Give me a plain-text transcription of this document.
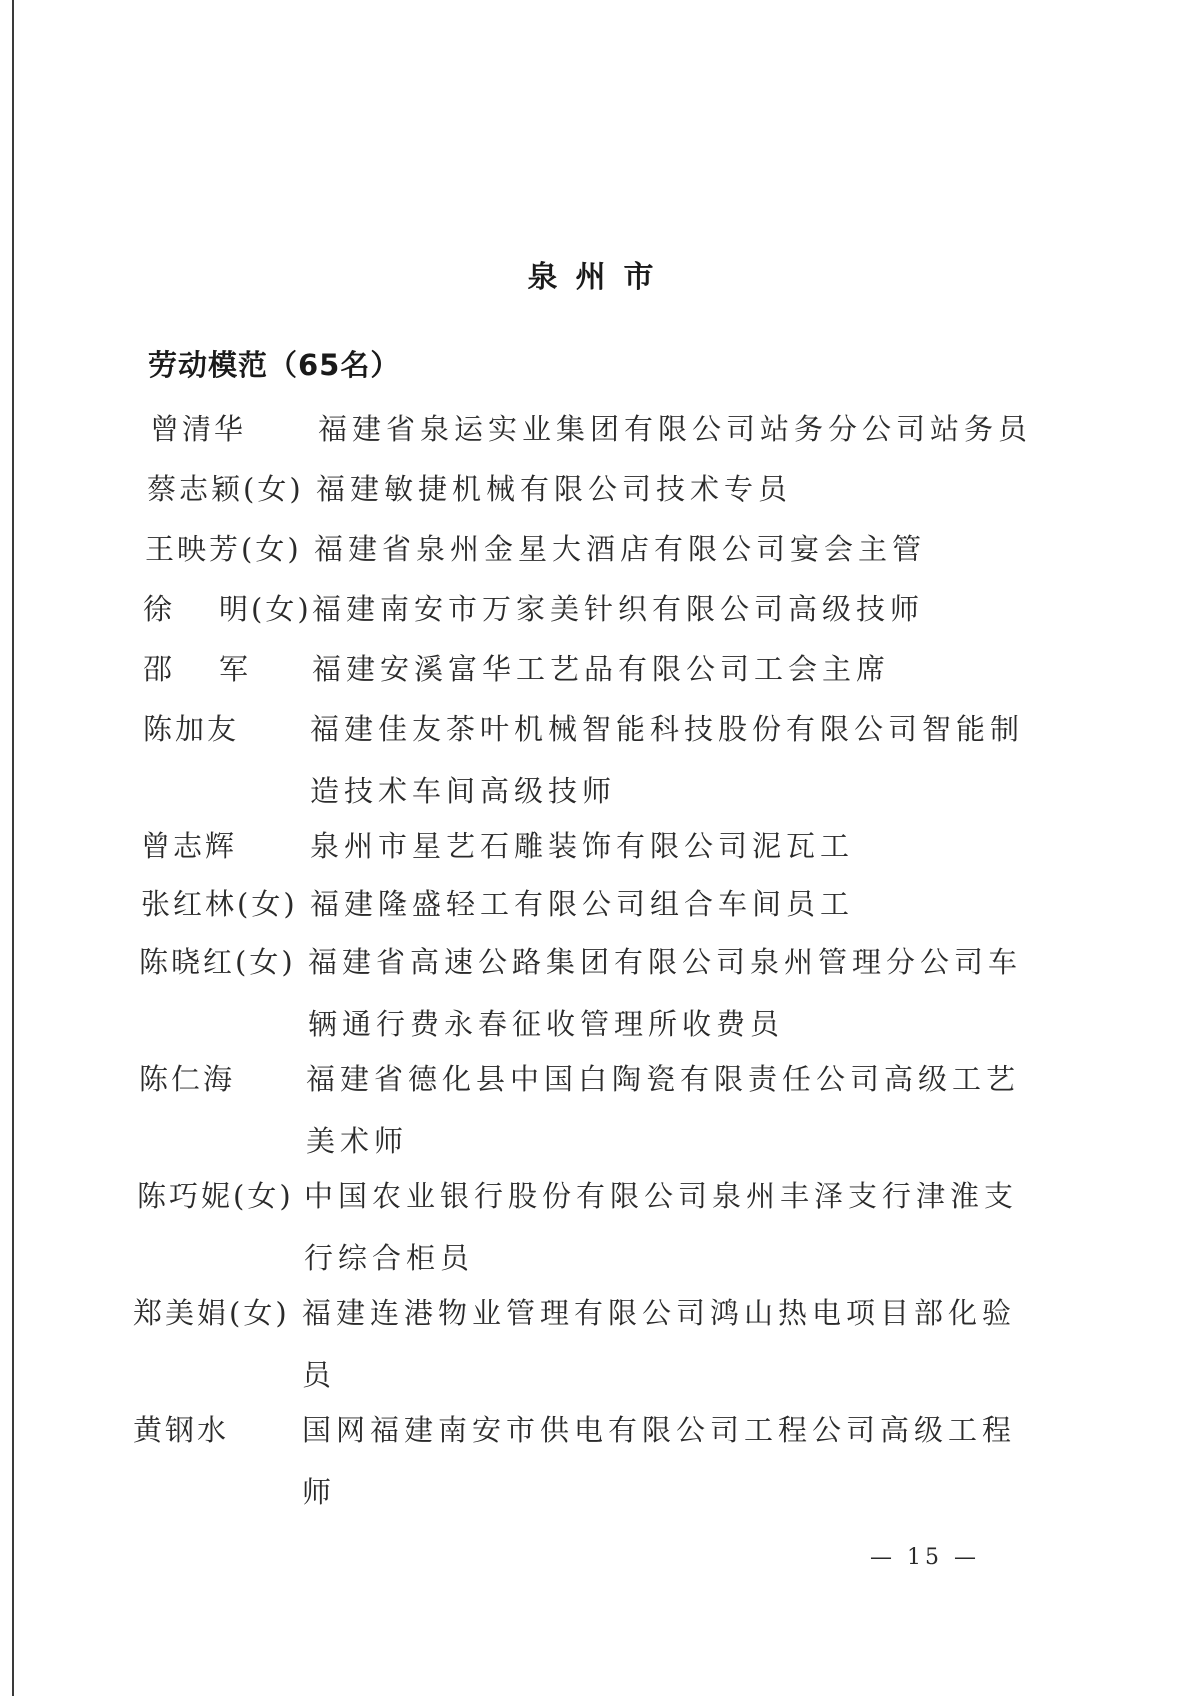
泉州市
劳动模范（65名）
曾清华	福建省泉运实业集团有限公司站务分公司站务员
蔡志颖(女) 福建敏捷机械有限公司技术专员
王映芳(女) 福建省泉州金星大酒店有限公司宴会主管
徐 明(女) 福建南安市万家美针织有限公司高级技师
邵 军	福建安溪富华工艺品有限公司工会主席
陈加友	福建佳友茶叶机械智能科技股份有限公司智能制造技术车间高级技师
曾志辉	泉州市星艺石雕装饰有限公司泥瓦工
张红林(女) 福建隆盛轻工有限公司组合车间员工
陈晓红(女) 福建省高速公路集团有限公司泉州管理分公司车辆通行费永春征收管理所收费员
陈仁海	福建省德化县中国白陶瓷有限责任公司高级工艺美术师
陈巧妮(女) 中国农业银行股份有限公司泉州丰泽支行津淮支行综合柜员
郑美娟(女) 福建连港物业管理有限公司鸿山热电项目部化验员
黄钢水	国网福建南安市供电有限公司工程公司高级工程师
— 15 —
